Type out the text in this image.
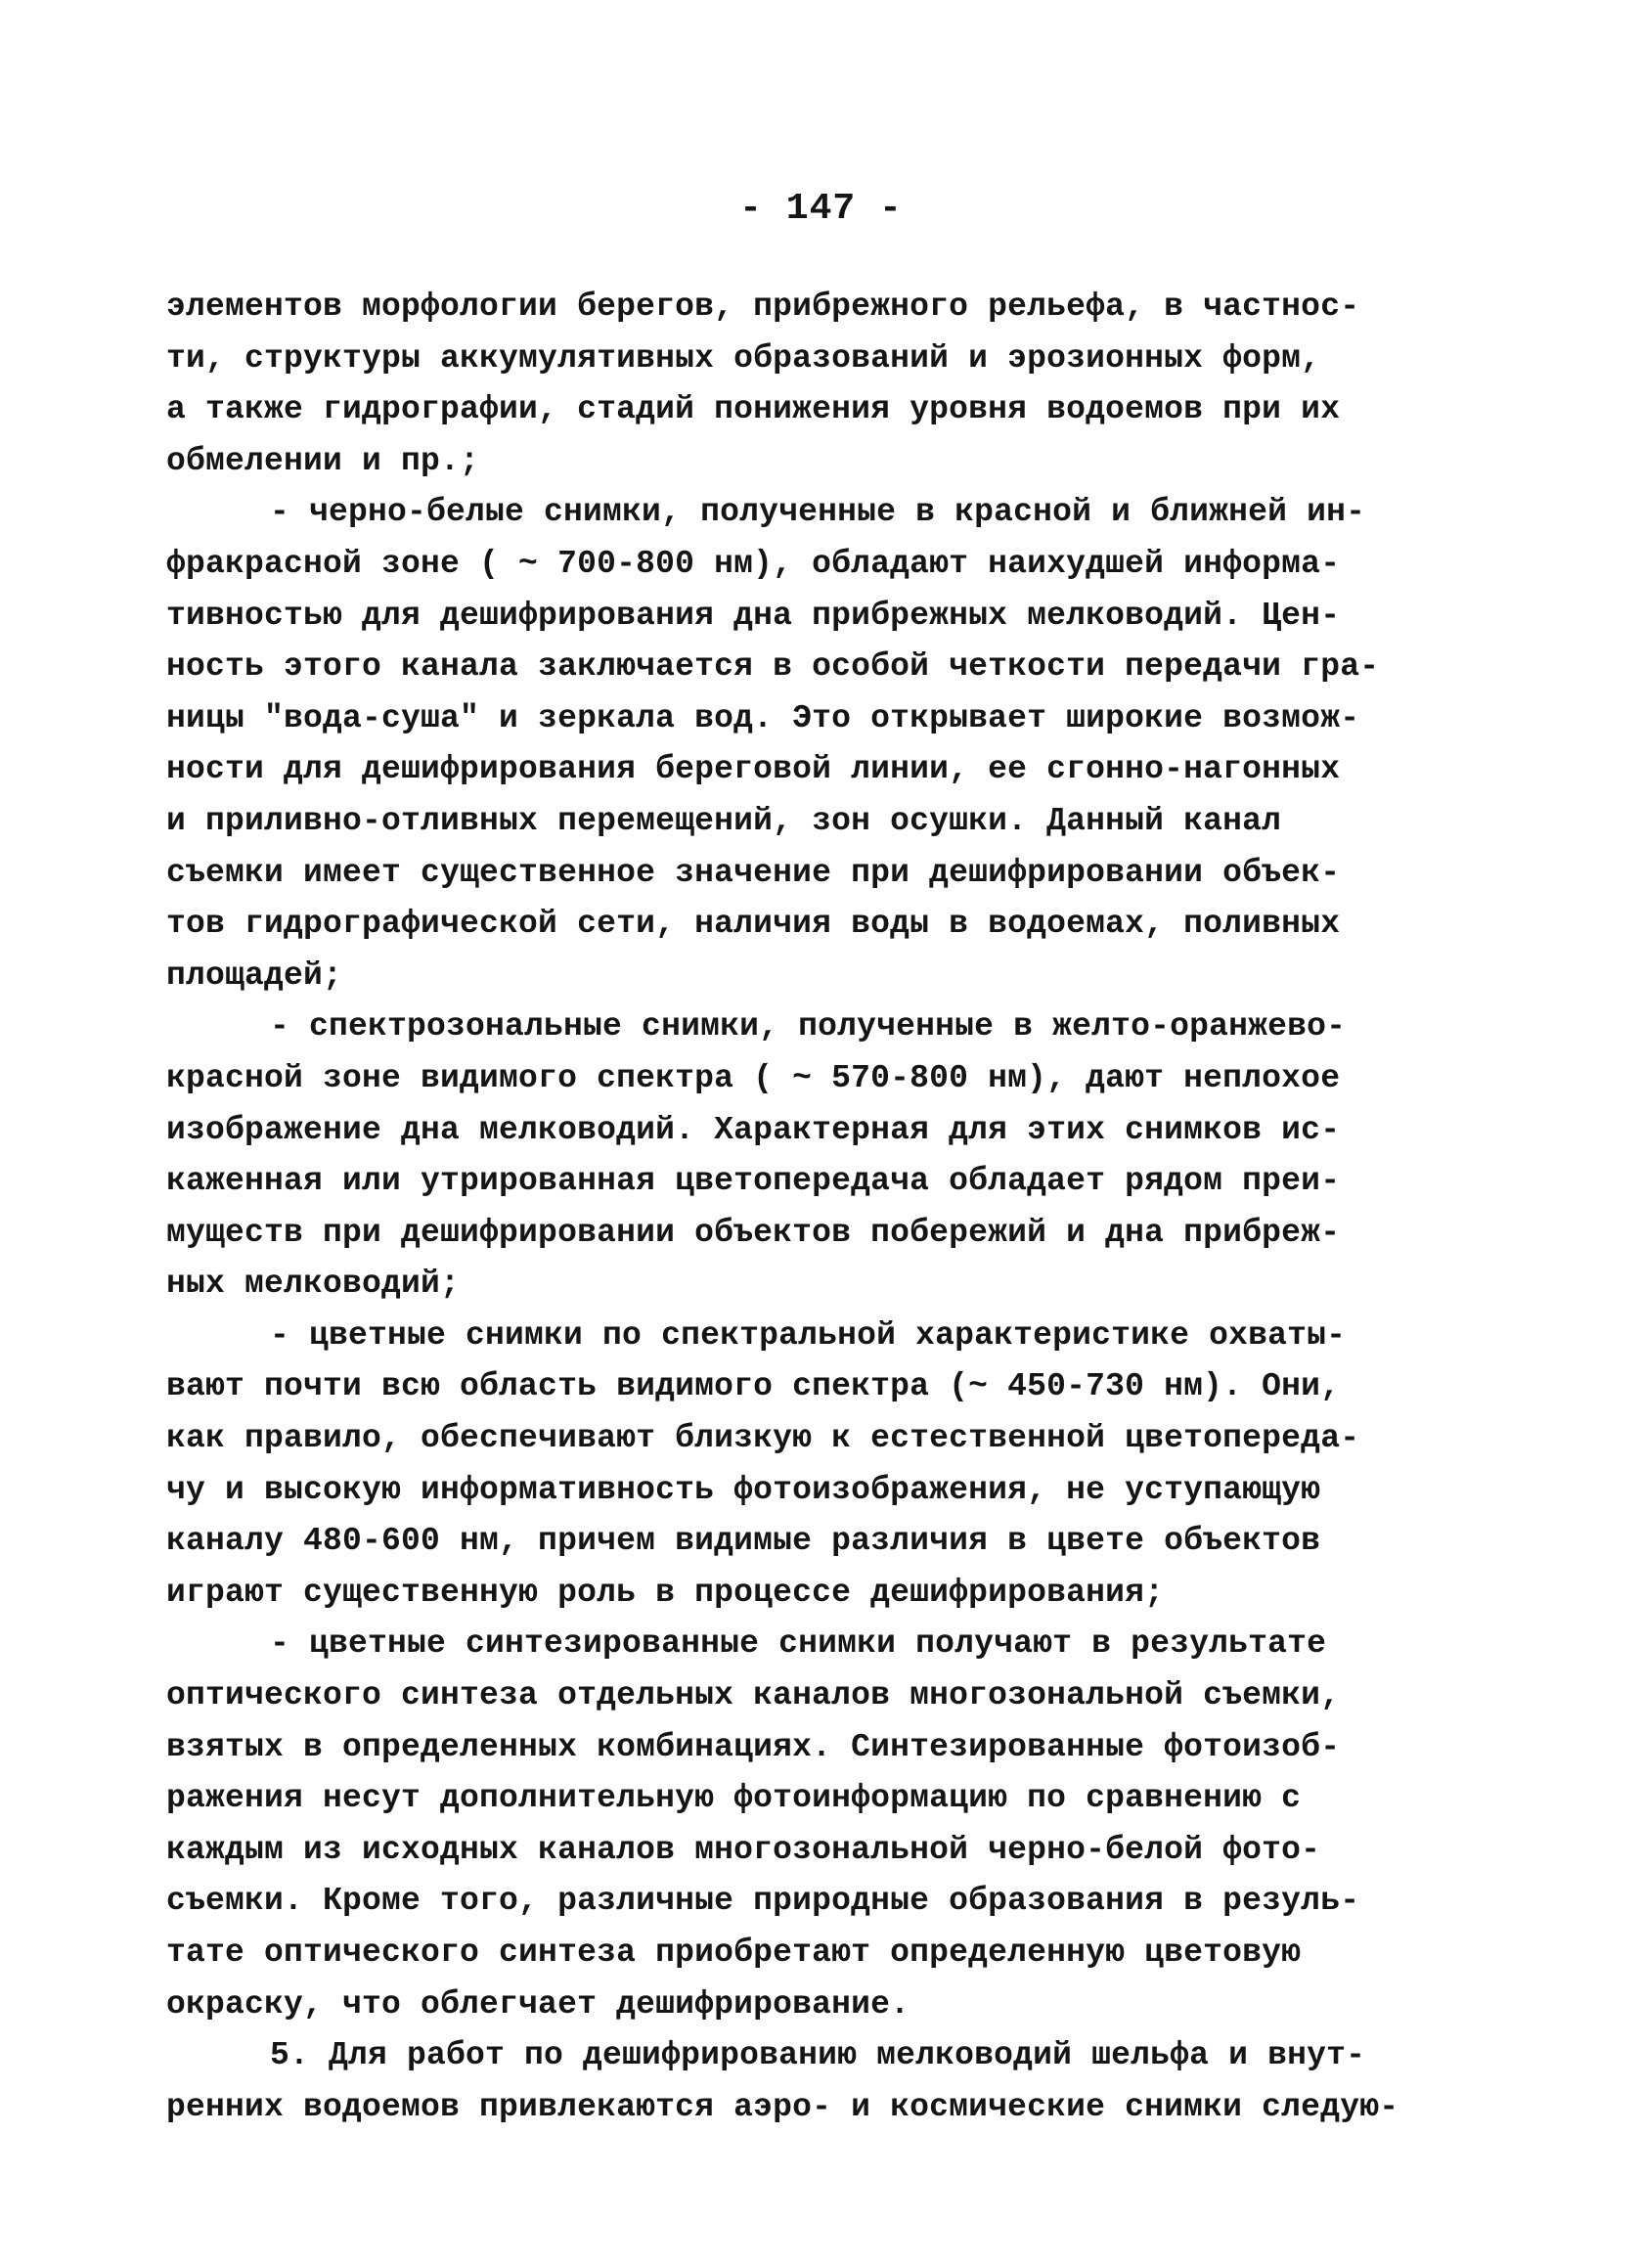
- 147 -
элементов морфологии берегов, прибрежного рельефа, в частнос-
ти, структуры аккумулятивных образований и эрозионных форм,
а также гидрографии, стадий понижения уровня водоемов при их
обмелении и пр.;
- черно-белые снимки, полученные в красной и ближней ин-
фракрасной зоне ( ~ 700-800 нм), обладают наихудшей информа-
тивностью для дешифрирования дна прибрежных мелководий. Цен-
ность этого канала заключается в особой четкости передачи гра-
ницы "вода-суша" и зеркала вод. Это открывает широкие возмож-
ности для дешифрирования береговой линии, ее сгонно-нагонных
и приливно-отливных перемещений, зон осушки. Данный канал
съемки имеет существенное значение при дешифрировании объек-
тов гидрографической сети, наличия воды в водоемах, поливных
площадей;
- спектрозональные снимки, полученные в желто-оранжево-
красной зоне видимого спектра ( ~ 570-800 нм), дают неплохое
изображение дна мелководий. Характерная для этих снимков ис-
каженная или утрированная цветопередача обладает рядом преи-
муществ при дешифрировании объектов побережий и дна прибреж-
ных мелководий;
- цветные снимки по спектральной характеристике охваты-
вают почти всю область видимого спектра (~ 450-730 нм). Они,
как правило, обеспечивают близкую к естественной цветопереда-
чу и высокую информативность фотоизображения, не уступающую
каналу 480-600 нм, причем видимые различия в цвете объектов
играют существенную роль в процессе дешифрирования;
- цветные синтезированные снимки получают в результате
оптического синтеза отдельных каналов многозональной съемки,
взятых в определенных комбинациях. Синтезированные фотоизоб-
ражения несут дополнительную фотоинформацию по сравнению с
каждым из исходных каналов многозональной черно-белой фото-
съемки. Кроме того, различные природные образования в резуль-
тате оптического синтеза приобретают определенную цветовую
окраску, что облегчает дешифрирование.
5. Для работ по дешифрированию мелководий шельфа и внут-
ренних водоемов привлекаются аэро- и космические снимки следую-
